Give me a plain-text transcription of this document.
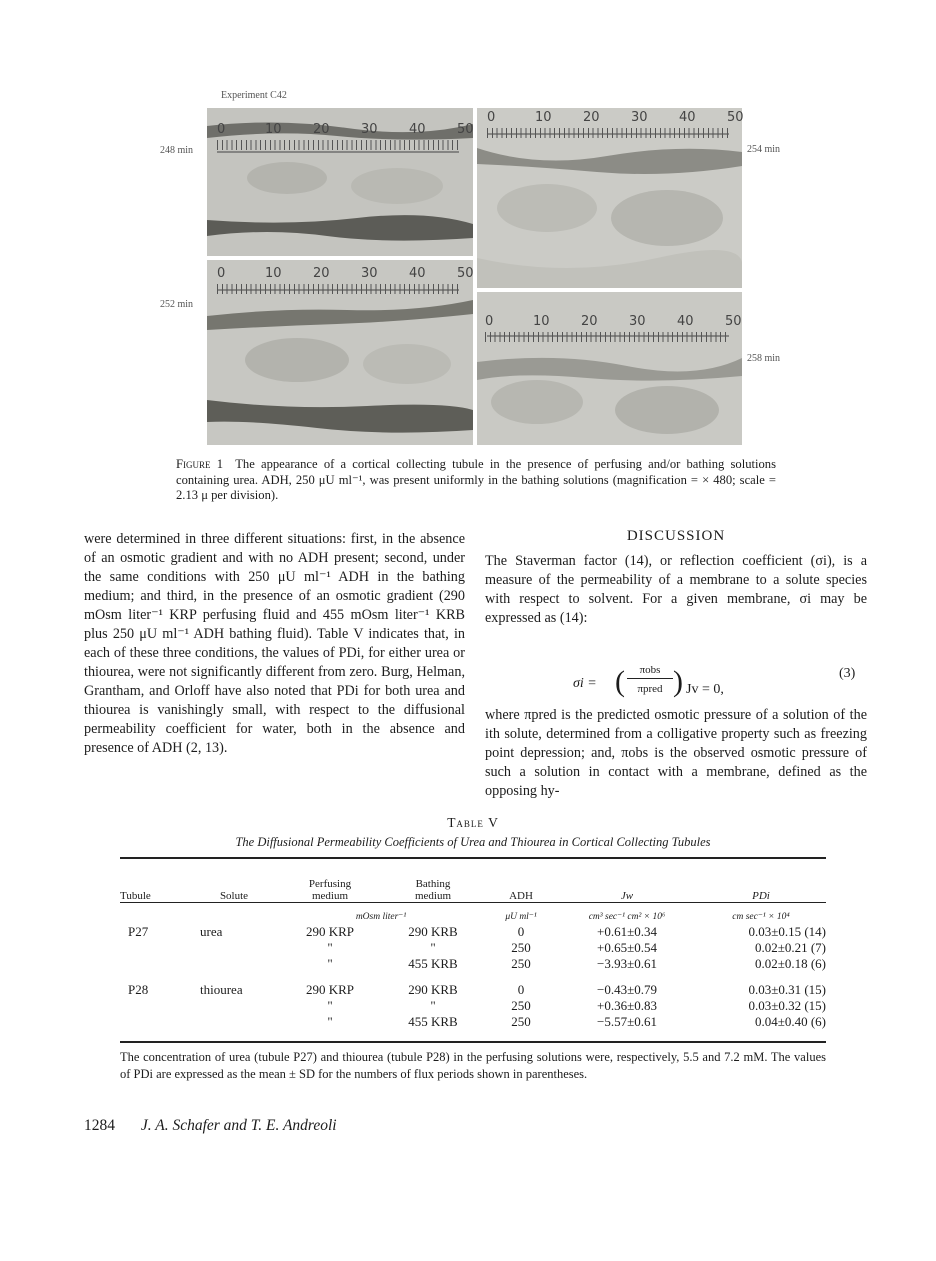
Experiment C42
0	10 20 30 40 50
0	10 20 30 40 50
0	10 20 30 40 50
0	10 20 30 40 50
248 min	254 min
252 min
258 min
Figure 1 The appearance of a cortical collecting tubule in the presence of perfusing and/or bathing solutions containing urea. ADH, 250 μU ml⁻¹, was present uniformly in the bathing solutions (magnification = × 480; scale = 2.13 μ per division).
were determined in three different situations: first, in the absence of an osmotic gradient and with no ADH present; second, under the same conditions with 250 μU ml⁻¹ ADH in the bathing medium; and third, in the presence of an osmotic gradient (290 mOsm liter⁻¹ KRP perfusing fluid and 455 mOsm liter⁻¹ KRB plus 250 μU ml⁻¹ ADH bathing fluid). Table V indicates that, in each of these three conditions, the values of PDi, for either urea or thiourea, were not significantly different from zero. Burg, Helman, Grantham, and Orloff have also noted that PDi for both urea and thiourea is vanishingly small, with respect to the diffusional permeability coefficient for water, both in the absence and presence of ADH (2, 13).
DISCUSSION
The Staverman factor (14), or reflection coefficient (σi), is a measure of the permeability of a membrane to a solute species with respect to solvent. For a given membrane, σi may be expressed as (14):
σi = (	πobs
πpred ) Jv = 0,
(3)
where πpred is the predicted osmotic pressure of a solution of the ith solute, determined from a colligative property such as freezing point depression; and, πobs is the observed osmotic pressure of such a solution in contact with a membrane, defined as the opposing hy-
Table V
The Diffusional Permeability Coefficients of Urea and Thiourea in Cortical Collecting Tubules
Tubule	Solute	Perfusing medium	Bathing medium	ADH	Jw	PDi
		mOsm liter⁻¹		μU ml⁻¹	cm³ sec⁻¹ cm² × 10⁶	cm sec⁻¹ × 10⁴
P27	urea	290 KRP	290 KRB	0	+0.61±0.34	0.03±0.15 (14)
		"	"	250	+0.65±0.54	0.02±0.21 (7)
		"	455 KRB	250	−3.93±0.61	0.02±0.18 (6)
P28	thiourea	290 KRP	290 KRB	0	−0.43±0.79	0.03±0.31 (15)
		"	"	250	+0.36±0.83	0.03±0.32 (15)
		"	455 KRB	250	−5.57±0.61	0.04±0.40 (6)
The concentration of urea (tubule P27) and thiourea (tubule P28) in the perfusing solutions were, respectively, 5.5 and 7.2 mM. The values of PDi are expressed as the mean ± SD for the numbers of flux periods shown in parentheses.
1284 J. A. Schafer and T. E. Andreoli
